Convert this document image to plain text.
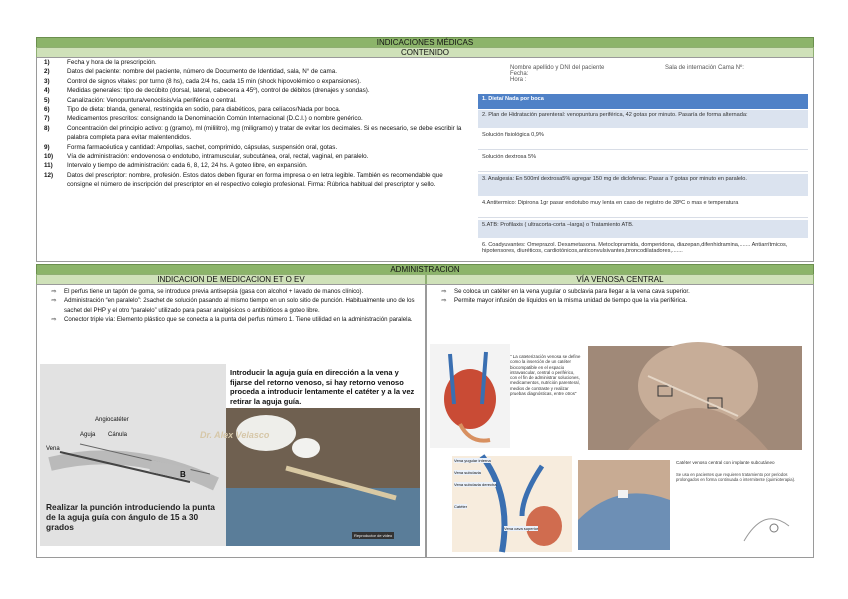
INDICACIONES MÉDICAS
CONTENIDO
1)	Fecha y hora de la prescripción.
2)	Datos del paciente: nombre del paciente, número de Documento de Identidad, sala, N° de cama.
3)	Control de signos vitales: por turno (8 hs), cada 2/4 hs, cada 15 min (shock hipovolémico o expansiones).
4)	Medidas generales: tipo de decúbito (dorsal, lateral, cabecera a 45º), control de débitos (drenajes y sondas).
5)	Canalización: Venopuntura/venoclisis/vía periférica o central.
6)	Tipo de dieta: blanda, general, restringida en sodio, para diabéticos, para celíacos/Nada por boca.
7)	Medicamentos prescritos: consignando la Denominación Común Internacional (D.C.I.) o nombre genérico.
8)	Concentración del principio activo: g (gramo), ml (mililitro), mg (miligramo) y tratar de evitar los decimales. Si es necesario, se debe escribir la palabra completa para evitar malentendidos.
9)	Forma farmacéutica y cantidad: Ampollas, sachet, comprimido, cápsulas, suspensión oral, gotas.
10)	Vía de administración: endovenosa o endotubo, intramuscular, subcutánea, oral, rectal, vaginal, en paralelo.
11)	Intervalo y tiempo de administración: cada 6, 8, 12, 24 hs. A goteo libre, en expansión.
12)	Datos del prescriptor: nombre, profesión. Estos datos deben figurar en forma impresa o en letra legible. También es recomendable que consigne el número de inscripción del prescriptor en el respectivo colegio profesional. Firma: Rúbrica habitual del prescriptor y sello.
Nombre apellido y DNI del paciente
Fecha:
Hora :
Sala de internación Cama Nº:
1. Dieta/ Nada por boca
2. Plan de Hidratación parenteral: venopuntura periférica, 42 gotas por minuto. Pasaría de forma alternada:
Solución fisiológica 0,9%
Solución dextrosa 5%
3. Analgesia: En 500ml dextrosa5% agregar 150 mg de diclofenac. Pasar a 7 gotas por minuto en paralelo.
4.Antitermico: Dipirona 1gr pasar endotubo muy lenta en caso de registro de 38ºC o mas e temperatura
5.ATB: Profilaxis ( ultracorta-corta –larga) o Tratamiento ATB.
6. Coadyuvantes: Omeprazol. Dexametasona. Metoclopramida, domperidona, diazepan,difenhidramina,....... Antiarrítmicos, hipotensores, diuréticos, cardiotónicos,anticonvulsivantes,broncodilatadores,.......
ADMINISTRACION
INDICACION DE MEDICACION ET O EV	VÍA VENOSA CENTRAL
⇨	El perfus tiene un tapón de goma, se introduce previa antisepsia (gasa con alcohol + lavado de manos clínico).
⇨	Administración “en paralelo”: 2sachet de solución pasando al mismo tiempo en un solo sitio de punción. Habitualmente uno de los sachet del PHP y el otro “paralelo” utilizado para pasar analgésicos o antibióticos a goteo libre.
⇨	Conector triple vía: Elemento plástico que se conecta a la punta del perfus número 1. Tiene utilidad en la administración paralela.
⇨	Se coloca un catéter en la vena yugular o subclavia para llegar a la vena cava superior.
⇨	Permite mayor infusión de líquidos en la misma unidad de tiempo que la vía periférica.
Angiocatéter
Aguja Cánula
Vena
B
Realizar la punción introduciendo la punta de la aguja guía con ángulo de 15 a 30 grados
Introducir la aguja guía en dirección a la vena y fijarse del retorno venoso, si hay retorno venoso proceda a introducir lentamente el catéter y a la vez retirar la aguja guía.
Dr. Alex Velasco
Reproductor de video
" La cateterización venosa se define como la inserción de un catéter biocompatible en el espacio intravascular, central o periférico, con el fin de administrar soluciones, medicamentos, nutrición parenteral, medios de contraste y realizar pruebas diagnósticas, entre otros"
Vena yugular interna
Vena subclavia
Vena subclavia derecha
Catéter
Vena cava superior
Catéter venoso central con implante subcutáneo
Se usa en pacientes que requieren tratamiento por periodos prolongados en forma continuada o intermitente (quimioterapia).
